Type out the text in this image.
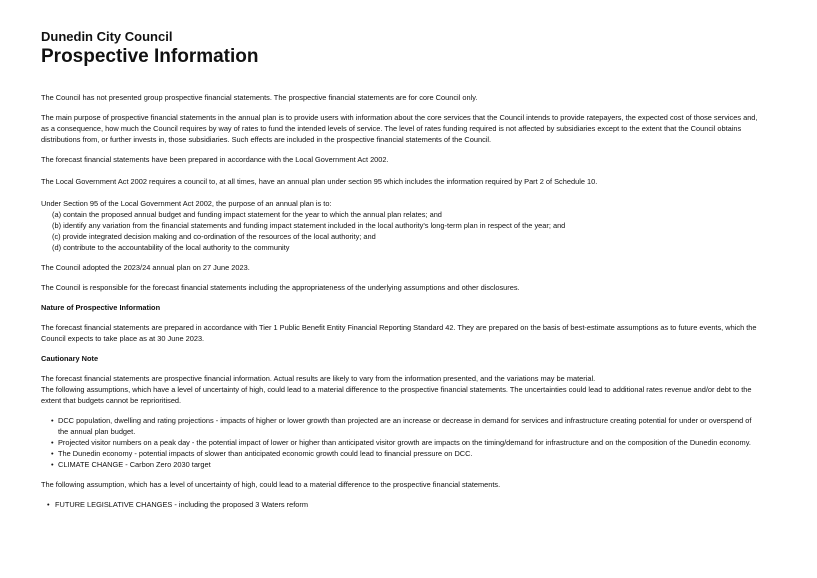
Dunedin City Council
Prospective Information

The Council has not presented group prospective financial statements. The prospective financial statements are for core Council only.

The main purpose of prospective financial statements in the annual plan is to provide users with information about the core services that the Council intends to provide ratepayers, the expected cost of those services and, as a consequence, how much the Council requires by way of rates to fund the intended levels of service. The level of rates funding required is not affected by subsidiaries except to the extent that the Council obtains distributions from, or further invests in, those subsidiaries. Such effects are included in the prospective financial statements of the Council.

The forecast financial statements have been prepared in accordance with the Local Government Act 2002.

The Local Government Act 2002 requires a council to, at all times, have an annual plan under section 95 which includes the information required by Part 2 of Schedule 10.

Under Section 95 of the Local Government Act 2002, the purpose of an annual plan is to:

(a) contain the proposed annual budget and funding impact statement for the year to which the annual plan relates; and
(b) identify any variation from the financial statements and funding impact statement included in the local authority's long-term plan in respect of the year; and
(c) provide integrated decision making and co-ordination of the resources of the local authority; and
(d) contribute to the accountability of the local authority to the community

The Council adopted the 2023/24 annual plan on 27 June 2023.

The Council is responsible for the forecast financial statements including the appropriateness of the underlying assumptions and other disclosures.

Nature of Prospective Information

The forecast financial statements are prepared in accordance with Tier 1 Public Benefit Entity Financial Reporting Standard 42. They are prepared on the basis of best-estimate assumptions as to future events, which the Council expects to take place as at 30 June 2023.

Cautionary Note

The forecast financial statements are prospective financial information. Actual results are likely to vary from the information presented, and the variations may be material.

The following assumptions, which have a level of uncertainty of high, could lead to a material difference to the prospective financial statements. The uncertainties could lead to additional rates revenue and/or debt to the extent that budgets cannot be reprioritised.

• DCC population, dwelling and rating projections - impacts of higher or lower growth than projected are an increase or decrease in demand for services and infrastructure creating potential for under or overspend of the annual plan budget.
• Projected visitor numbers on a peak day - the potential impact of lower or higher than anticipated visitor growth are impacts on the timing/demand for infrastructure and on the composition of the Dunedin economy.
• The Dunedin economy - potential impacts of slower than anticipated economic growth could lead to financial pressure on DCC.
• CLIMATE CHANGE - Carbon Zero 2030 target

The following assumption, which has a level of uncertainty of high, could lead to a material difference to the prospective financial statements.

• FUTURE LEGISLATIVE CHANGES - including the proposed 3 Waters reform
